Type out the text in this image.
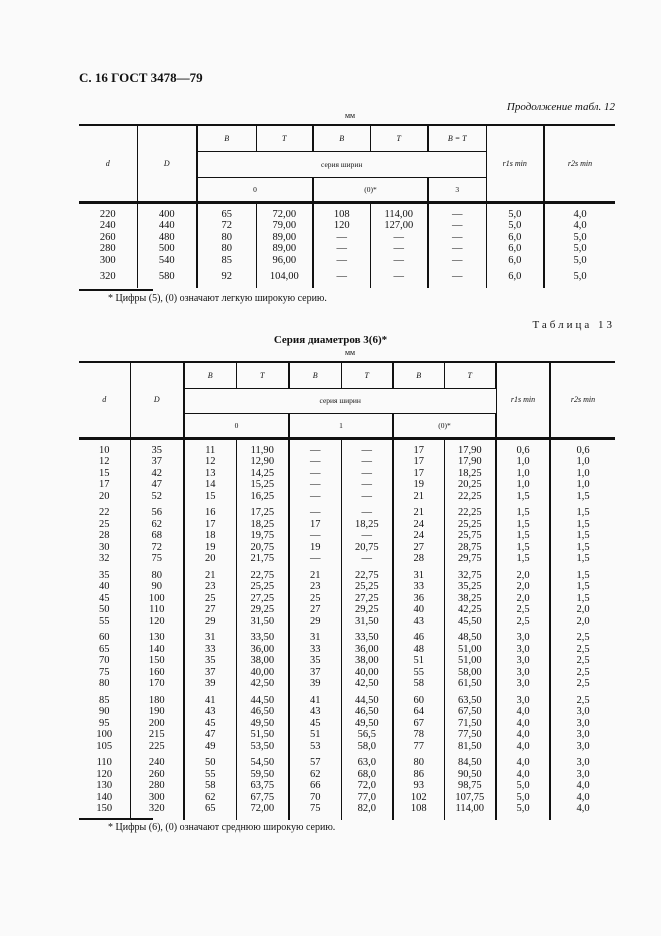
С. 16 ГОСТ 3478—79
Продолжение табл. 12
мм
d	D	B	T	B	T	B = T	r1s min	r2s min
		серия ширин						
		0		(0)*		3		

220	400	65	72,00	108	114,00	—	5,0	4,0
240	440	72	79,00	120	127,00	—	5,0	4,0
260	480	80	89,00	—	—	—	6,0	5,0
280	500	80	89,00	—	—	—	6,0	5,0
300	540	85	96,00	—	—	—	6,0	5,0

320	580	92	104,00	—	—	—	6,0	5,0

* Цифры (5), (0) означают легкую широкую серию.
Таблица 13
Серия диаметров 3(6)*
мм
d	D	B	T	B	T	B	T	r1s min	r2s min
		серия ширин							
		0		1		(0)*			

10	35	11	11,90	—	—	17	17,90	0,6	0,6
12	37	12	12,90	—	—	17	17,90	1,0	1,0
15	42	13	14,25	—	—	17	18,25	1,0	1,0
17	47	14	15,25	—	—	19	20,25	1,0	1,0
20	52	15	16,25	—	—	21	22,25	1,5	1,5

22	56	16	17,25	—	—	21	22,25	1,5	1,5
25	62	17	18,25	17	18,25	24	25,25	1,5	1,5
28	68	18	19,75	—	—	24	25,75	1,5	1,5
30	72	19	20,75	19	20,75	27	28,75	1,5	1,5
32	75	20	21,75	—	—	28	29,75	1,5	1,5

35	80	21	22,75	21	22,75	31	32,75	2,0	1,5
40	90	23	25,25	23	25,25	33	35,25	2,0	1,5
45	100	25	27,25	25	27,25	36	38,25	2,0	1,5
50	110	27	29,25	27	29,25	40	42,25	2,5	2,0
55	120	29	31,50	29	31,50	43	45,50	2,5	2,0

60	130	31	33,50	31	33,50	46	48,50	3,0	2,5
65	140	33	36,00	33	36,00	48	51,00	3,0	2,5
70	150	35	38,00	35	38,00	51	51,00	3,0	2,5
75	160	37	40,00	37	40,00	55	58,00	3,0	2,5
80	170	39	42,50	39	42,50	58	61,50	3,0	2,5

85	180	41	44,50	41	44,50	60	63,50	3,0	2,5
90	190	43	46,50	43	46,50	64	67,50	4,0	3,0
95	200	45	49,50	45	49,50	67	71,50	4,0	3,0
100	215	47	51,50	51	56,5	78	77,50	4,0	3,0
105	225	49	53,50	53	58,0	77	81,50	4,0	3,0

110	240	50	54,50	57	63,0	80	84,50	4,0	3,0
120	260	55	59,50	62	68,0	86	90,50	4,0	3,0
130	280	58	63,75	66	72,0	93	98,75	5,0	4,0
140	300	62	67,75	70	77,0	102	107,75	5,0	4,0
150	320	65	72,00	75	82,0	108	114,00	5,0	4,0

* Цифры (6), (0) означают среднюю широкую серию.
